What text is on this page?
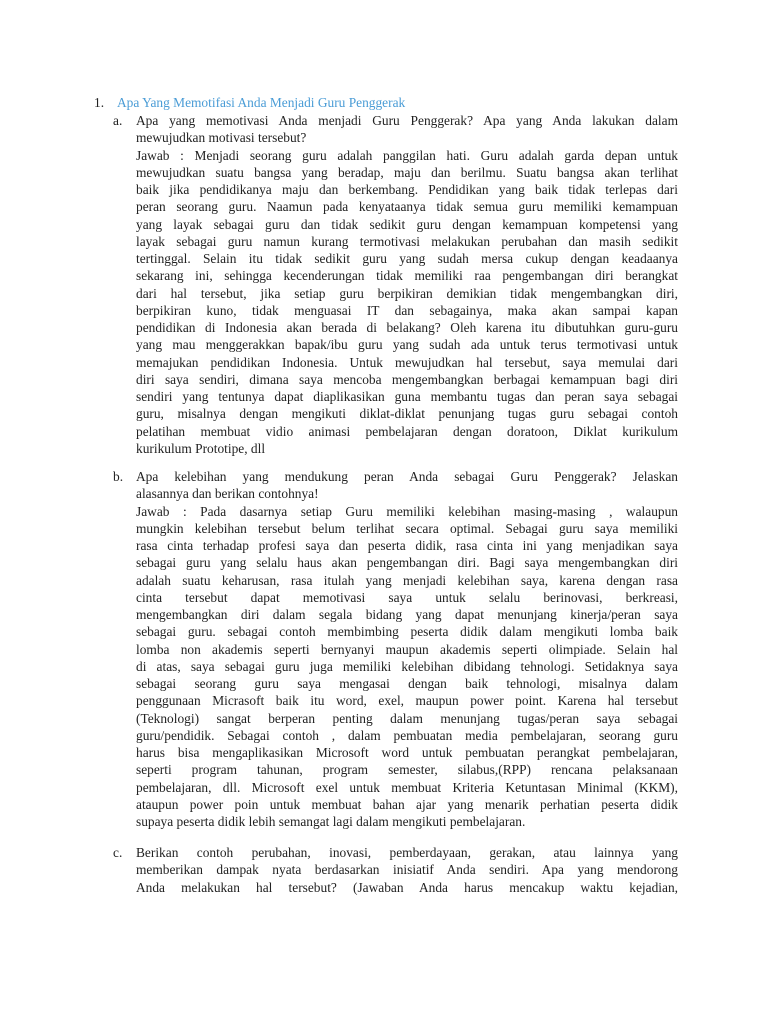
1. Apa Yang Memotifasi Anda Menjadi Guru Penggerak
a.	Apa yang memotivasi Anda menjadi Guru Penggerak? Apa yang Anda lakukan dalam
mewujudkan motivasi tersebut?
Jawab : Menjadi seorang guru adalah panggilan hati. Guru adalah garda depan untuk
mewujudkan suatu bangsa yang beradap, maju dan berilmu. Suatu bangsa akan terlihat
baik jika pendidikanya maju dan berkembang. Pendidikan yang baik tidak terlepas dari
peran seorang guru. Naamun pada kenyataanya tidak semua guru memiliki kemampuan
yang layak sebagai guru dan tidak sedikit guru dengan kemampuan kompetensi yang
layak sebagai guru namun kurang termotivasi melakukan perubahan dan masih sedikit
tertinggal. Selain itu tidak sedikit guru yang sudah mersa cukup dengan keadaanya
sekarang ini, sehingga kecenderungan tidak memiliki raa pengembangan diri berangkat
dari hal tersebut, jika setiap guru berpikiran demikian tidak mengembangkan diri,
berpikiran kuno, tidak menguasai IT dan sebagainya, maka akan sampai kapan
pendidikan di Indonesia akan berada di belakang? Oleh karena itu dibutuhkan guru-guru
yang mau menggerakkan bapak/ibu guru yang sudah ada untuk terus termotivasi untuk
memajukan pendidikan Indonesia. Untuk mewujudkan hal tersebut, saya memulai dari
diri saya sendiri, dimana saya mencoba mengembangkan berbagai kemampuan bagi diri
sendiri yang tentunya dapat diaplikasikan guna membantu tugas dan peran saya sebagai
guru, misalnya dengan mengikuti diklat-diklat penunjang tugas guru sebagai contoh
pelatihan membuat vidio animasi pembelajaran dengan doratoon, Diklat kurikulum
kurikulum Prototipe, dll
b. Apa kelebihan yang mendukung peran Anda sebagai Guru Penggerak? Jelaskan
alasannya dan berikan contohnya!
Jawab : Pada dasarnya setiap Guru memiliki kelebihan masing-masing , walaupun
mungkin kelebihan tersebut belum terlihat secara optimal. Sebagai guru saya memiliki
rasa cinta terhadap profesi saya dan peserta didik, rasa cinta ini yang menjadikan saya
sebagai guru yang selalu haus akan pengembangan diri. Bagi saya mengembangkan diri
adalah suatu keharusan, rasa itulah yang menjadi kelebihan saya, karena dengan rasa
cinta tersebut dapat memotivasi saya untuk selalu berinovasi, berkreasi,
mengembangkan diri dalam segala bidang yang dapat menunjang kinerja/peran saya
sebagai guru. sebagai contoh membimbing peserta didik dalam mengikuti lomba baik
lomba non akademis seperti bernyanyi maupun akademis seperti olimpiade. Selain hal
di atas, saya sebagai guru juga memiliki kelebihan dibidang tehnologi. Setidaknya saya
sebagai seorang guru saya mengasai dengan baik tehnologi, misalnya dalam
penggunaan Micrasoft baik itu word, exel, maupun power point. Karena hal tersebut
(Teknologi) sangat berperan penting dalam menunjang tugas/peran saya sebagai
guru/pendidik. Sebagai contoh , dalam pembuatan media pembelajaran, seorang guru
harus bisa mengaplikasikan Microsoft word untuk pembuatan perangkat pembelajaran,
seperti program tahunan, program semester, silabus,(RPP) rencana pelaksanaan
pembelajaran, dll. Microsoft exel untuk membuat Kriteria Ketuntasan Minimal (KKM),
ataupun power poin untuk membuat bahan ajar yang menarik perhatian peserta didik
supaya peserta didik lebih semangat lagi dalam mengikuti pembelajaran.
c.	Berikan contoh perubahan, inovasi, pemberdayaan, gerakan, atau lainnya yang
memberikan dampak nyata berdasarkan inisiatif Anda sendiri. Apa yang mendorong
Anda melakukan hal tersebut? (Jawaban Anda harus mencakup waktu kejadian,
